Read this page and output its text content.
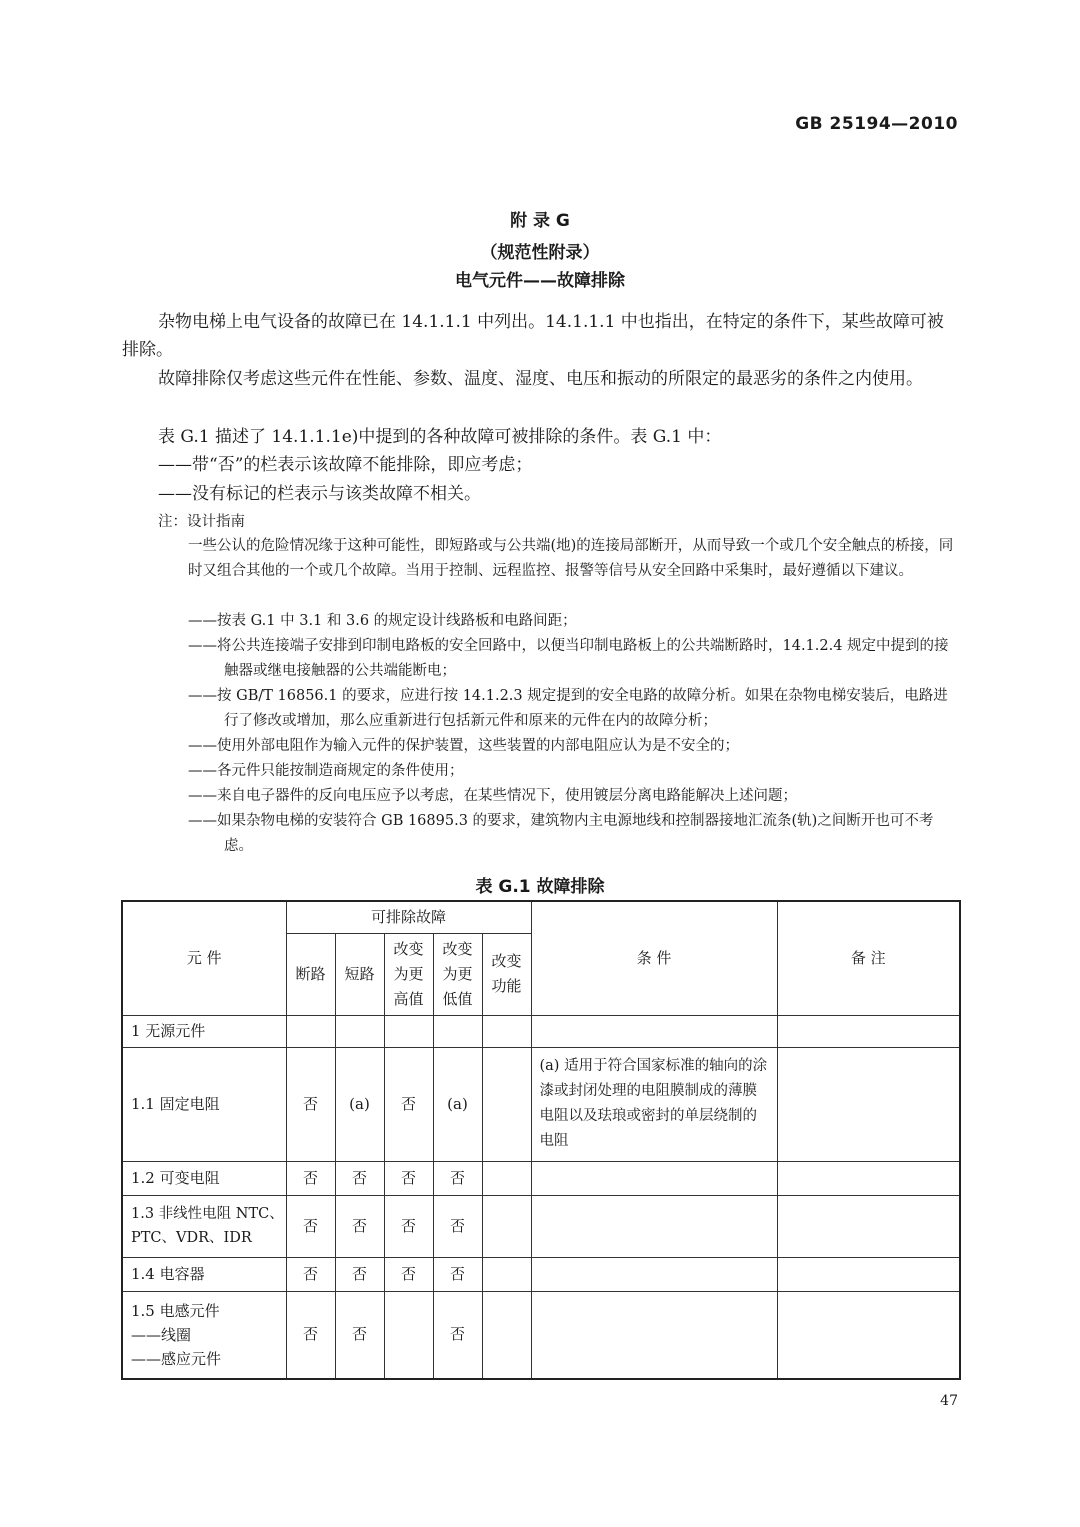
GB 25194—2010
附 录 G
（规范性附录）
电气元件——故障排除
杂物电梯上电气设备的故障已在 14.1.1.1 中列出。14.1.1.1 中也指出，在特定的条件下，某些故障可被排除。
故障排除仅考虑这些元件在性能、参数、温度、湿度、电压和振动的所限定的最恶劣的条件之内使用。
表 G.1 描述了 14.1.1.1e)中提到的各种故障可被排除的条件。表 G.1 中：
——带“否”的栏表示该故障不能排除，即应考虑；
——没有标记的栏表示与该类故障不相关。
注：设计指南
一些公认的危险情况缘于这种可能性，即短路或与公共端(地)的连接局部断开，从而导致一个或几个安全触点的桥接，同时又组合其他的一个或几个故障。当用于控制、远程监控、报警等信号从安全回路中采集时，最好遵循以下建议。
——按表 G.1 中 3.1 和 3.6 的规定设计线路板和电路间距；
——将公共连接端子安排到印制电路板的安全回路中，以便当印制电路板上的公共端断路时，14.1.2.4 规定中提到的接触器或继电接触器的公共端能断电；
——按 GB/T 16856.1 的要求，应进行按 14.1.2.3 规定提到的安全电路的故障分析。如果在杂物电梯安装后，电路进行了修改或增加，那么应重新进行包括新元件和原来的元件在内的故障分析；
——使用外部电阻作为输入元件的保护装置，这些装置的内部电阻应认为是不安全的；
——各元件只能按制造商规定的条件使用；
——来自电子器件的反向电压应予以考虑，在某些情况下，使用镀层分离电路能解决上述问题；
——如果杂物电梯的安装符合 GB 16895.3 的要求，建筑物内主电源地线和控制器接地汇流条(轨)之间断开也可不考虑。
表 G.1 故障排除
元 件	可排除故障					条 件	备 注
	断路	短路	改变为更高值	改变为更低值	改变功能		
1 无源元件							
1.1 固定电阻	否	(a)	否	(a)		(a) 适用于符合国家标准的轴向的涂漆或封闭处理的电阻膜制成的薄膜电阻以及珐琅或密封的单层绕制的电阻	
1.2 可变电阻	否	否	否	否			
1.3 非线性电阻 NTC、PTC、VDR、IDR	否	否	否	否			
1.4 电容器	否	否	否	否			
1.5 电感元件
——线圈
——感应元件	否	否		否			
47
